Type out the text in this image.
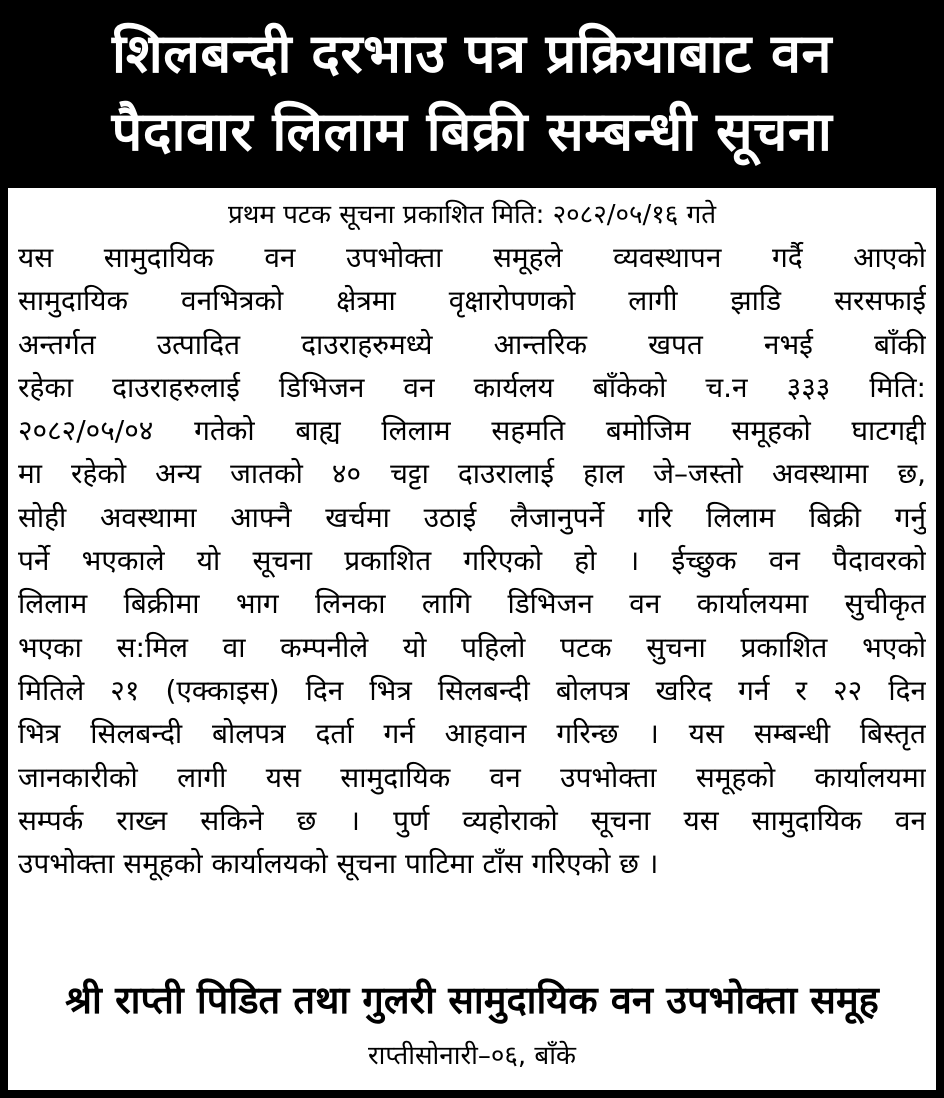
शिलबन्दी दरभाउ पत्र प्रक्रियाबाट वन
पैदावार लिलाम बिक्री सम्बन्धी सूचना
प्रथम पटक सूचना प्रकाशित मिति: २०८२/०५/१६ गते
यस सामुदायिक वन उपभोक्ता समूहले व्यवस्थापन गर्दै आएको
सामुदायिक वनभित्रको क्षेत्रमा वृक्षारोपणको लागी झाडि सरसफाई
अन्तर्गत उत्पादित दाउराहरुमध्ये आन्तरिक खपत नभई बाँकी
रहेका दाउराहरुलाई डिभिजन वन कार्यलय बाँकेको च.न ३३३ मिति:
२०८२/०५/०४ गतेको बाह्य लिलाम सहमति बमोजिम समूहको घाटगद्दी
मा रहेको अन्य जातको ४० चट्टा दाउरालाई हाल जे–जस्तो अवस्थामा छ,
सोही अवस्थामा आफ्नै खर्चमा उठाई लैजानुपर्ने गरि लिलाम बिक्री गर्नु
पर्ने भएकाले यो सूचना प्रकाशित गरिएको हो । ईच्छुक वन पैदावरको
लिलाम बिक्रीमा भाग लिनका लागि डिभिजन वन कार्यालयमा सुचीकृत
भएका स:मिल वा कम्पनीले यो पहिलो पटक सुचना प्रकाशित भएको
मितिले २१ (एक्काइस) दिन भित्र सिलबन्दी बोलपत्र खरिद गर्न र २२ दिन
भित्र सिलबन्दी बोलपत्र दर्ता गर्न आहवान गरिन्छ । यस सम्बन्धी बिस्तृत
जानकारीको लागी यस सामुदायिक वन उपभोक्ता समूहको कार्यालयमा
सम्पर्क राख्न सकिने छ । पुर्ण व्यहोराको सूचना यस सामुदायिक वन
उपभोक्ता समूहको कार्यालयको सूचना पाटिमा टाँस गरिएको छ ।
श्री राप्ती पिडित तथा गुलरी सामुदायिक वन उपभोक्ता समूह
राप्तीसोनारी–०६, बाँके
